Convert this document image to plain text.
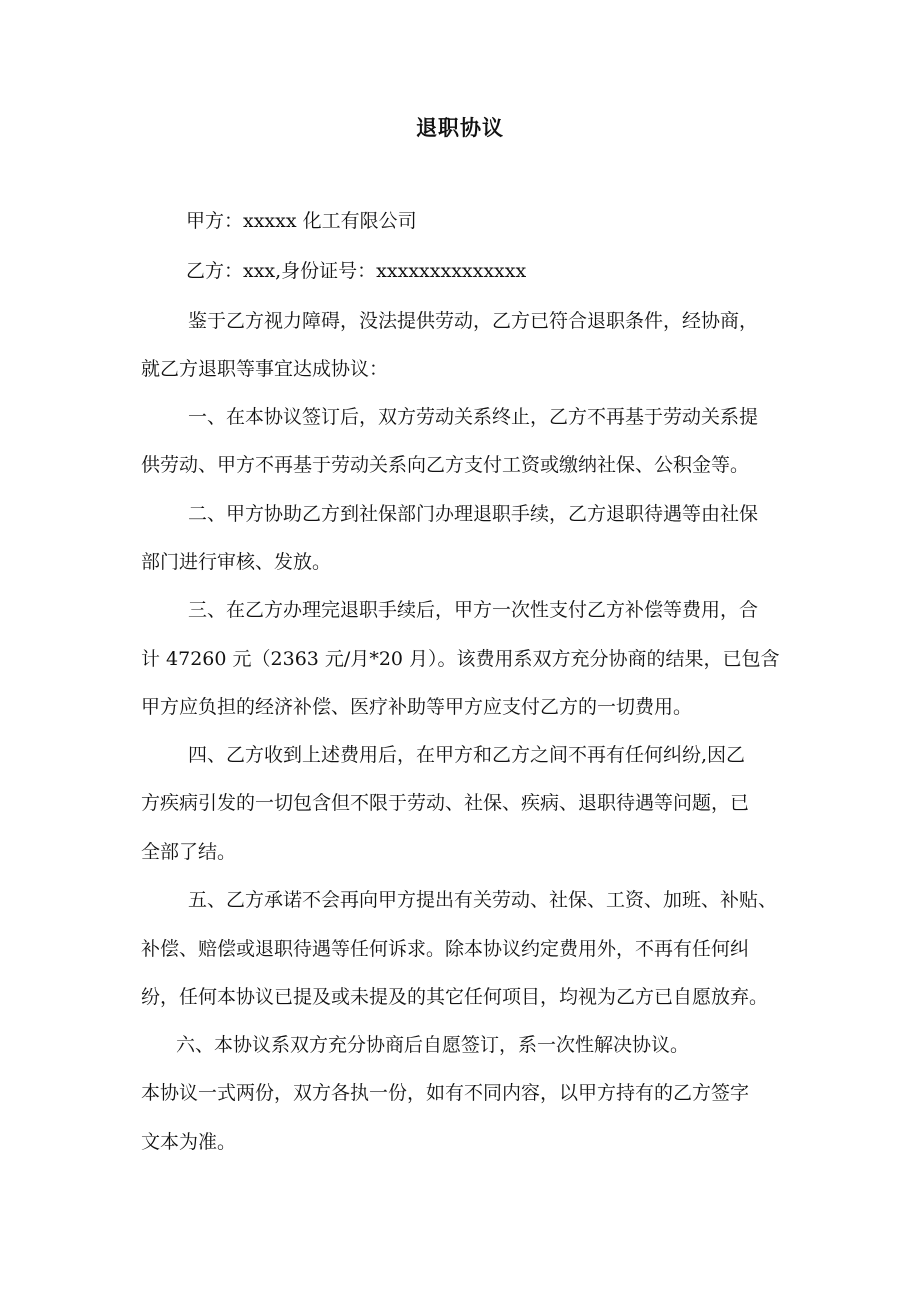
退职协议
甲方：xxxxx 化工有限公司
乙方：xxx,身份证号：xxxxxxxxxxxxxx
鉴于乙方视力障碍，没法提供劳动，乙方已符合退职条件，经协商，
就乙方退职等事宜达成协议：
一、在本协议签订后，双方劳动关系终止，乙方不再基于劳动关系提
供劳动、甲方不再基于劳动关系向乙方支付工资或缴纳社保、公积金等。
二、甲方协助乙方到社保部门办理退职手续，乙方退职待遇等由社保
部门进行审核、发放。
三、在乙方办理完退职手续后，甲方一次性支付乙方补偿等费用，合
计 47260 元（2363 元/月*20 月）。该费用系双方充分协商的结果，已包含
甲方应负担的经济补偿、医疗补助等甲方应支付乙方的一切费用。
四、乙方收到上述费用后，在甲方和乙方之间不再有任何纠纷,因乙
方疾病引发的一切包含但不限于劳动、社保、疾病、退职待遇等问题，已
全部了结。
五、乙方承诺不会再向甲方提出有关劳动、社保、工资、加班、补贴、
补偿、赔偿或退职待遇等任何诉求。除本协议约定费用外，不再有任何纠
纷，任何本协议已提及或未提及的其它任何项目，均视为乙方已自愿放弃。
六、本协议系双方充分协商后自愿签订，系一次性解决协议。
本协议一式两份，双方各执一份，如有不同内容，以甲方持有的乙方签字
文本为准。
